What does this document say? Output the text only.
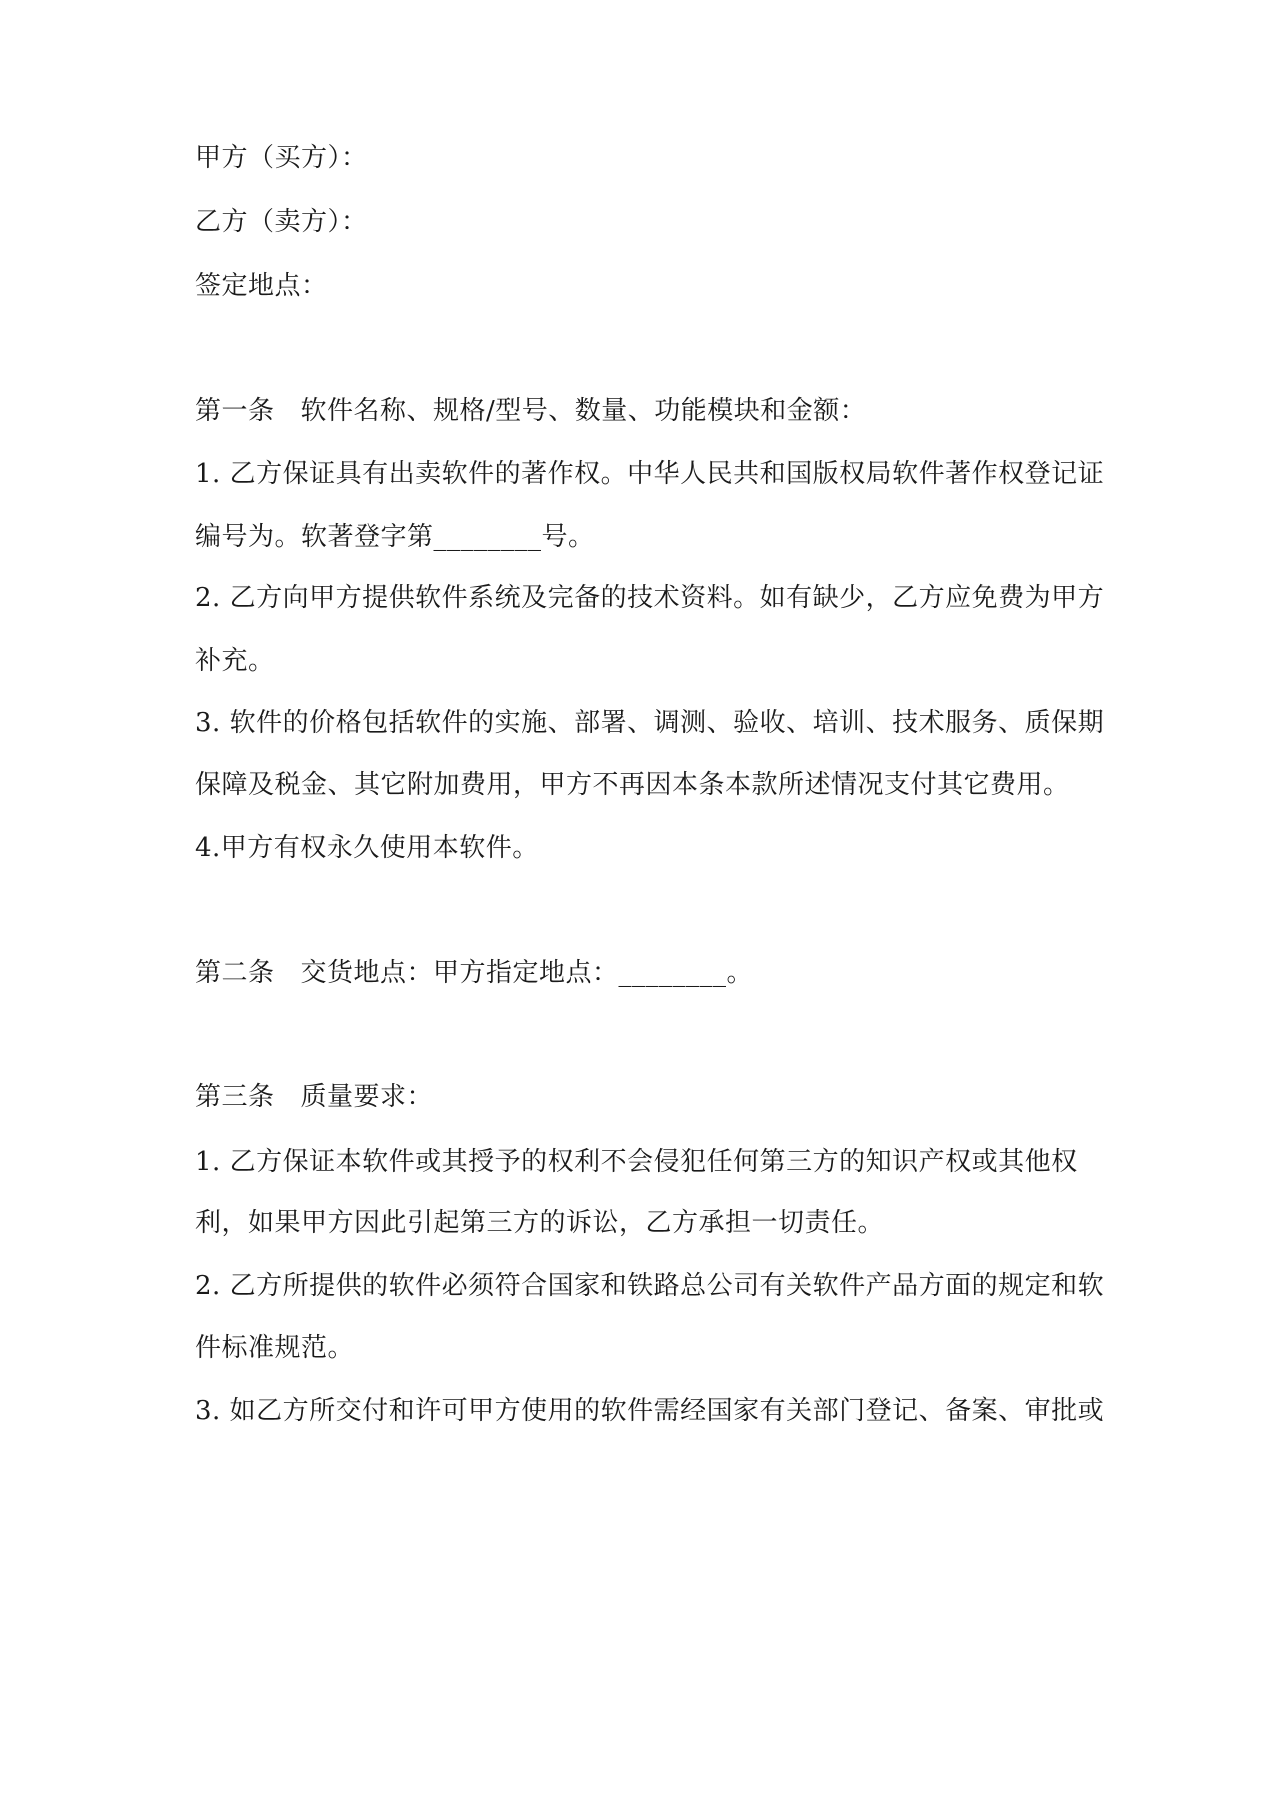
甲方（买方）：
乙方（卖方）：
签定地点：
第一条 软件名称、规格/型号、数量、功能模块和金额：
1. 乙方保证具有出卖软件的著作权。中华人民共和国版权局软件著作权登记证
编号为。软著登字第________号。
2. 乙方向甲方提供软件系统及完备的技术资料。如有缺少，乙方应免费为甲方
补充。
3. 软件的价格包括软件的实施、部署、调测、验收、培训、技术服务、质保期
保障及税金、其它附加费用，甲方不再因本条本款所述情况支付其它费用。
4.甲方有权永久使用本软件。
第二条 交货地点：甲方指定地点：________。
第三条 质量要求：
1. 乙方保证本软件或其授予的权利不会侵犯任何第三方的知识产权或其他权
利，如果甲方因此引起第三方的诉讼，乙方承担一切责任。
2. 乙方所提供的软件必须符合国家和铁路总公司有关软件产品方面的规定和软
件标准规范。
3. 如乙方所交付和许可甲方使用的软件需经国家有关部门登记、备案、审批或
